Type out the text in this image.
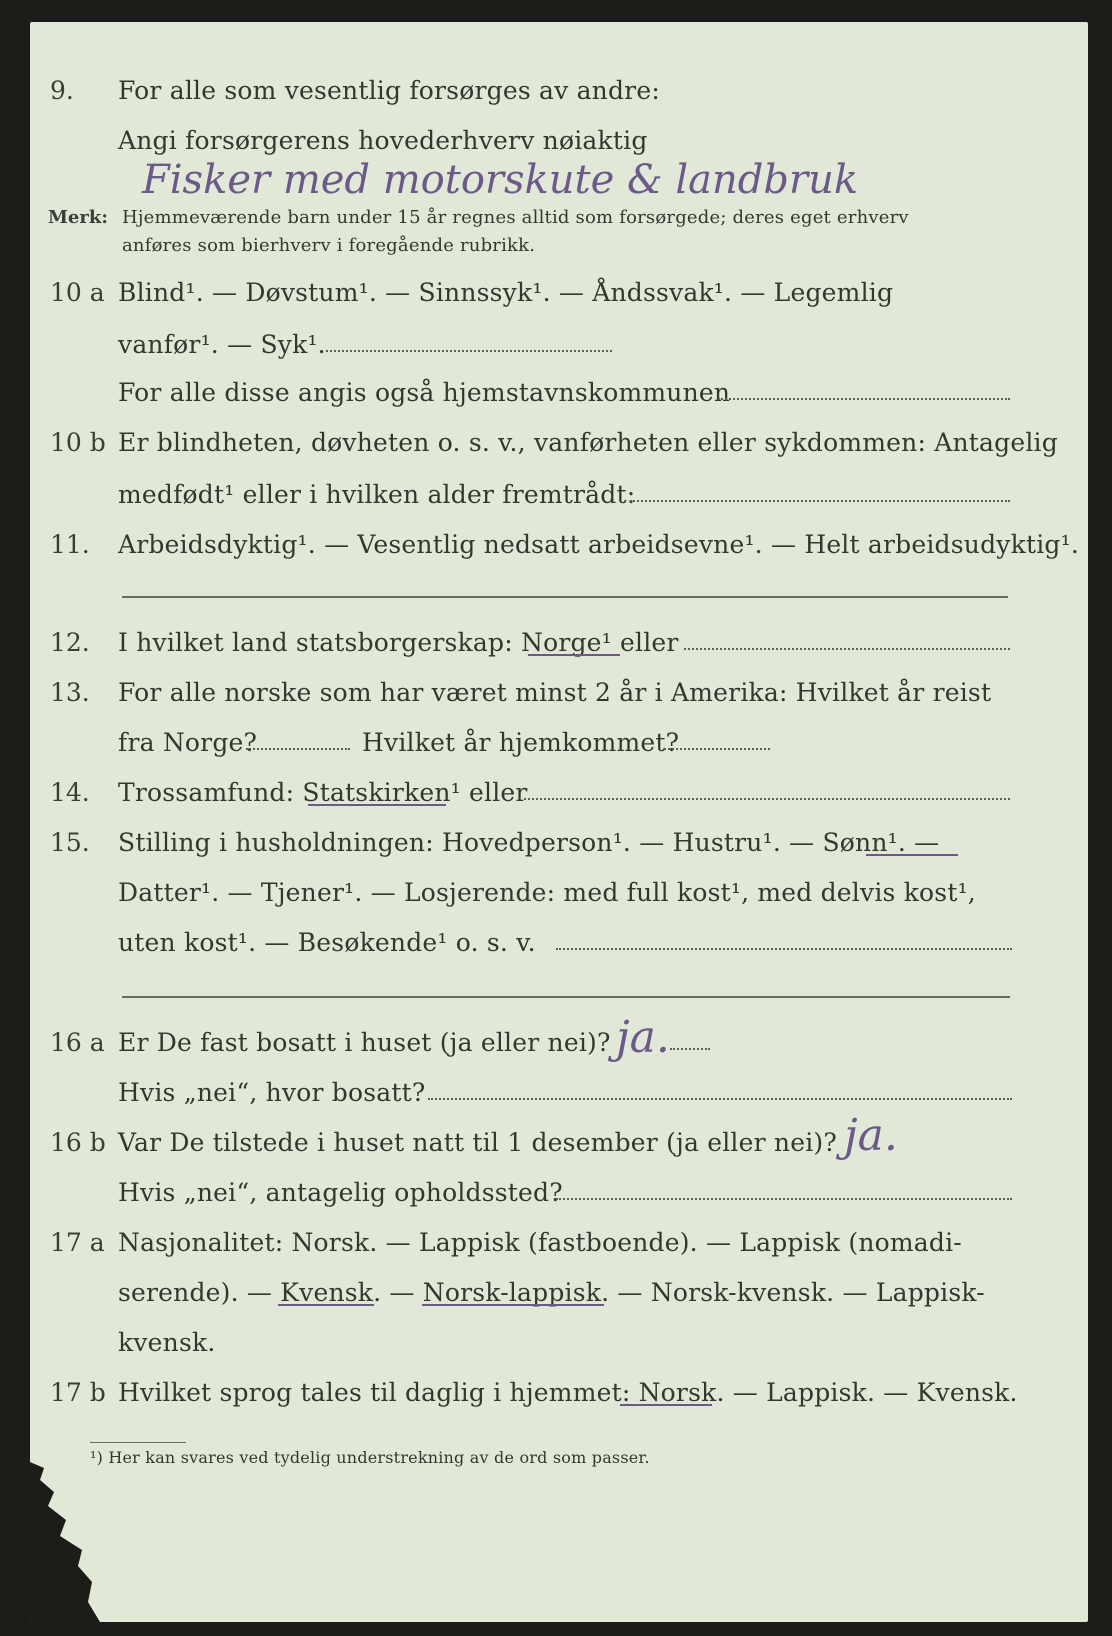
9.	For alle som vesentlig forsørges av andre:
Angi forsørgerens hovederhverv nøiaktig
Fisker med motorskute & landbruk
Merk: Hjemmeværende barn under 15 år regnes alltid som forsørgede; deres eget erhverv
anføres som bierhverv i foregående rubrikk.
10 a Blind¹. — Døvstum¹. — Sinnssyk¹. — Åndssvak¹. — Legemlig
vanfør¹. — Syk¹.
For alle disse angis også hjemstavnskommunen
10 b Er blindheten, døvheten o. s. v., vanførheten eller sykdommen: Antagelig
medfødt¹ eller i hvilken alder fremtrådt:
11.	Arbeidsdyktig¹. — Vesentlig nedsatt arbeidsevne¹. — Helt arbeidsudyktig¹.
12.	I hvilket land statsborgerskap: Norge¹ eller
13.	For alle norske som har været minst 2 år i Amerika: Hvilket år reist
fra Norge?	Hvilket år hjemkommet?
14.	Trossamfund: Statskirken¹ eller
15.	Stilling i husholdningen: Hovedperson¹. — Hustru¹. — Sønn¹. —
Datter¹. — Tjener¹. — Losjerende: med full kost¹, med delvis kost¹,
uten kost¹. — Besøkende¹ o. s. v.
16 a Er De fast bosatt i huset (ja eller nei)? ja.
Hvis „nei“, hvor bosatt?
16 b Var De tilstede i huset natt til 1 desember (ja eller nei)? ja.
Hvis „nei“, antagelig opholdssted?
17 a Nasjonalitet: Norsk. — Lappisk (fastboende). — Lappisk (nomadi-
serende). — Kvensk. — Norsk-lappisk. — Norsk-kvensk. — Lappisk-
kvensk.
17 b Hvilket sprog tales til daglig i hjemmet: Norsk. — Lappisk. — Kvensk.
¹) Her kan svares ved tydelig understrekning av de ord som passer.
